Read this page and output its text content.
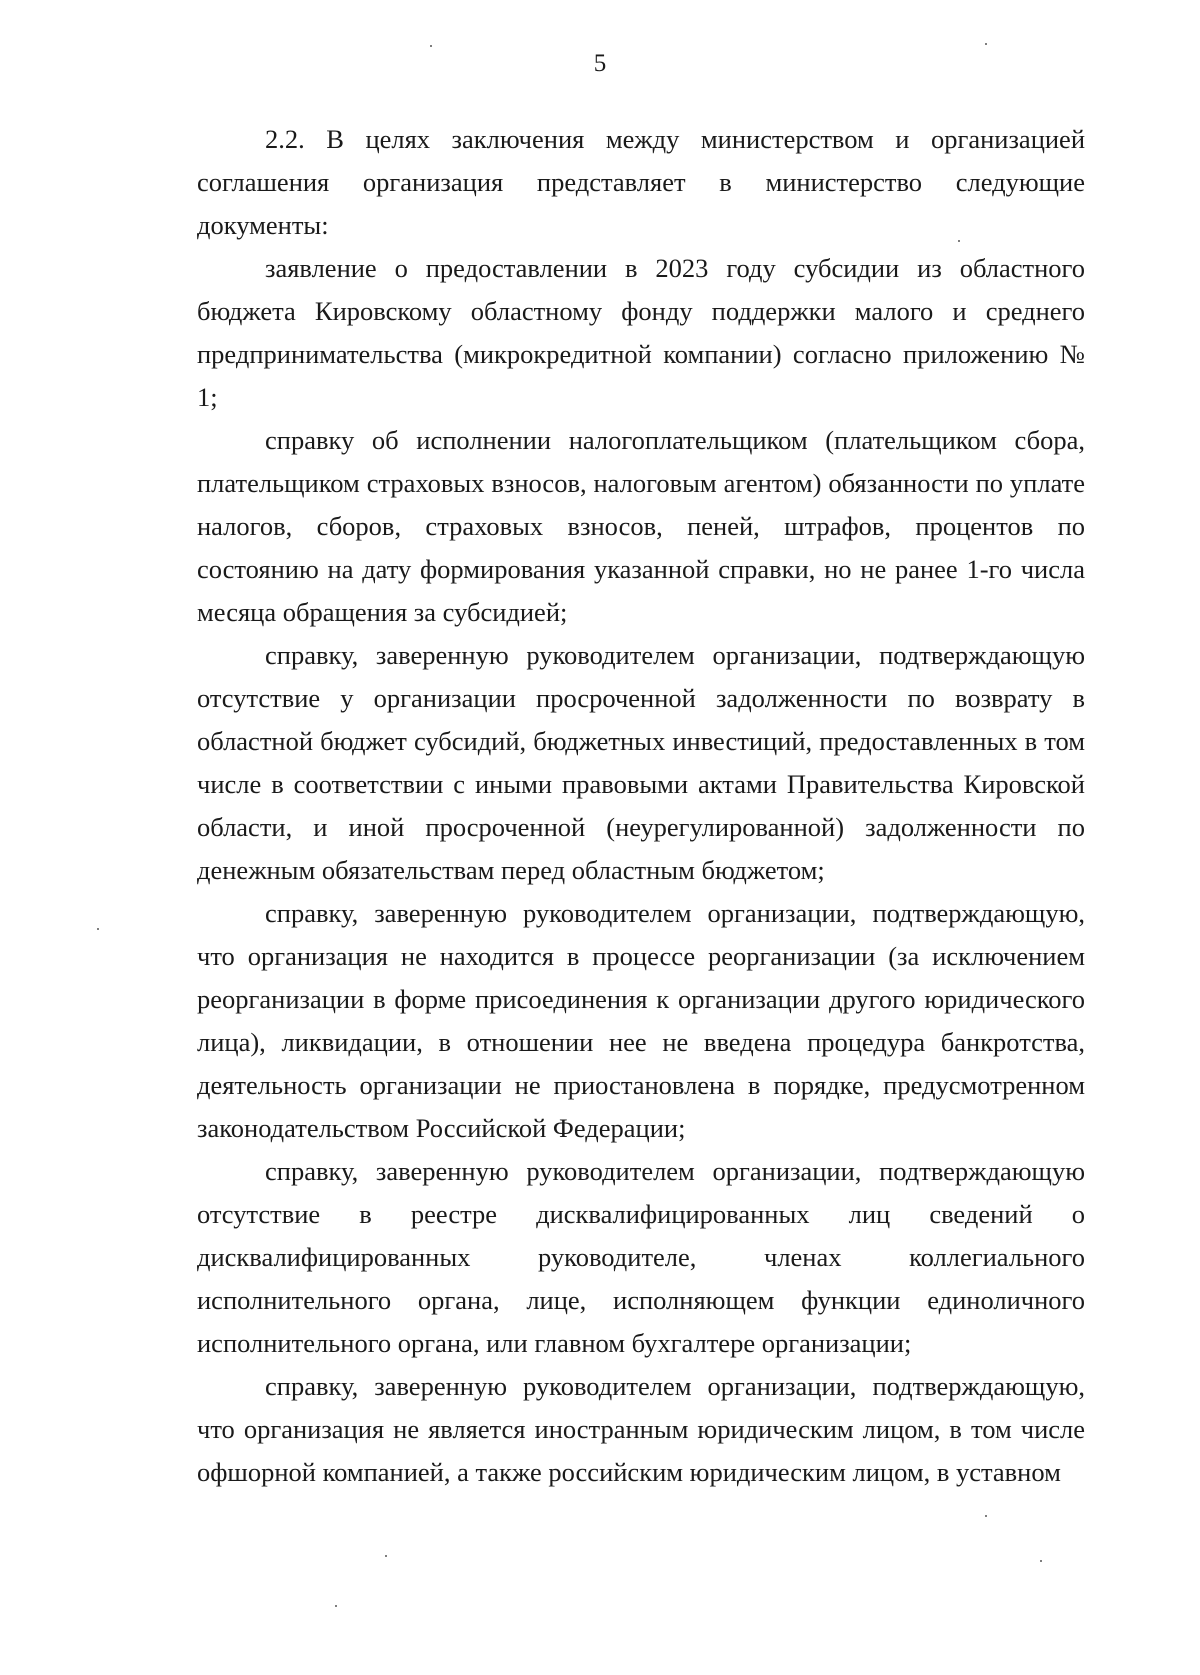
5

2.2. В целях заключения между министерством и организацией соглашения организация представляет в министерство следующие документы:

заявление о предоставлении в 2023 году субсидии из областного бюджета Кировскому областному фонду поддержки малого и среднего предпринимательства (микрокредитной компании) согласно приложению № 1;

справку об исполнении налогоплательщиком (плательщиком сбора, плательщиком страховых взносов, налоговым агентом) обязанности по уплате налогов, сборов, страховых взносов, пеней, штрафов, процентов по состоянию на дату формирования указанной справки, но не ранее 1-го числа месяца обращения за субсидией;

справку, заверенную руководителем организации, подтверждающую отсутствие у организации просроченной задолженности по возврату в областной бюджет субсидий, бюджетных инвестиций, предоставленных в том числе в соответствии с иными правовыми актами Правительства Кировской области, и иной просроченной (неурегулированной) задолженности по денежным обязательствам перед областным бюджетом;

справку, заверенную руководителем организации, подтверждающую, что организация не находится в процессе реорганизации (за исключением реорганизации в форме присоединения к организации другого юридического лица), ликвидации, в отношении нее не введена процедура банкротства, деятельность организации не приостановлена в порядке, предусмотренном законодательством Российской Федерации;

справку, заверенную руководителем организации, подтверждающую отсутствие в реестре дисквалифицированных лиц сведений о дисквалифицированных руководителе, членах коллегиального исполнительного органа, лице, исполняющем функции единоличного исполнительного органа, или главном бухгалтере организации;

справку, заверенную руководителем организации, подтверждающую, что организация не является иностранным юридическим лицом, в том числе офшорной компанией, а также российским юридическим лицом, в уставном
